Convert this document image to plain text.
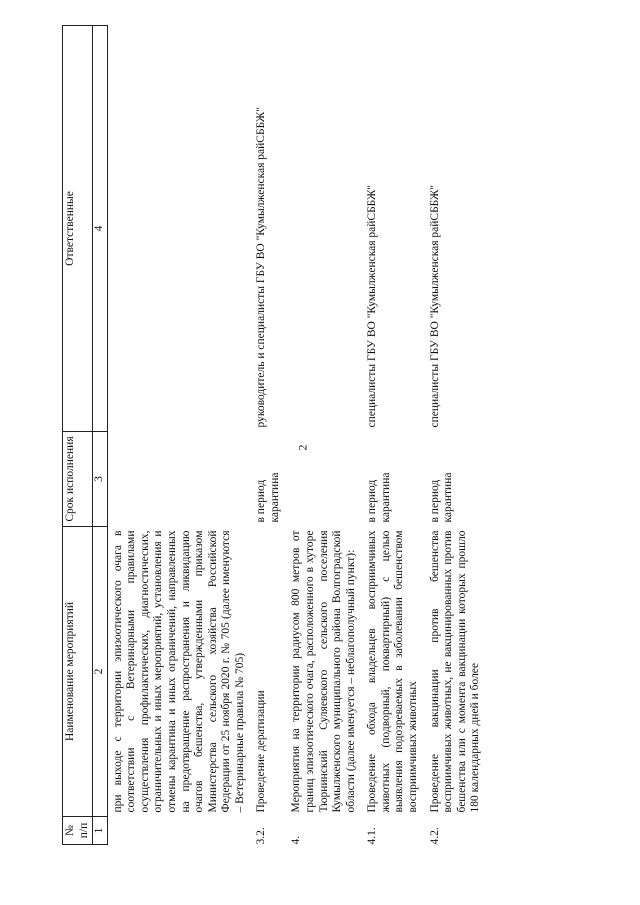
2
№ п/п	Наименование мероприятий	Срок исполнения	Ответственные
1	2	3	4
	при выходе с территории эпизоотического очага в соответствии с Ветеринарными правилами осуществления профилактических, диагностических, ограничительных и иных мероприятий, установления и отмены карантина и иных ограничений, направленных на предотвращение распространения и ликвидацию очагов бешенства, утвержденными приказом Министерства сельского хозяйства Российской Федерации от 25 ноября 2020 г. № 705 (далее именуются – Ветеринарные правила № 705)		
3.2.	Проведение дератизации	в период карантина	руководитель и специалисты ГБУ ВО "Кумылженская райСББЖ"
4.	Мероприятия на территории радиусом 800 метров от границ эпизоотического очага, расположенного в хуторе Тюрнинский Суляевского сельского поселения Кумылженского муниципального района Волгоградской области (далее именуется – неблагополучный пункт):		
4.1.	Проведение обхода владельцев восприимчивых животных (подворный, поквартирный) с целью выявления подозреваемых в заболевании бешенством восприимчивых животных	в период карантина	специалисты ГБУ ВО "Кумылженская райСББЖ"
4.2.	Проведение вакцинации против бешенства восприимчивых животных, не вакцинированных против бешенства или с момента вакцинации которых прошло 180 календарных дней и более	в период карантина	специалисты ГБУ ВО "Кумылженская райСББЖ"
